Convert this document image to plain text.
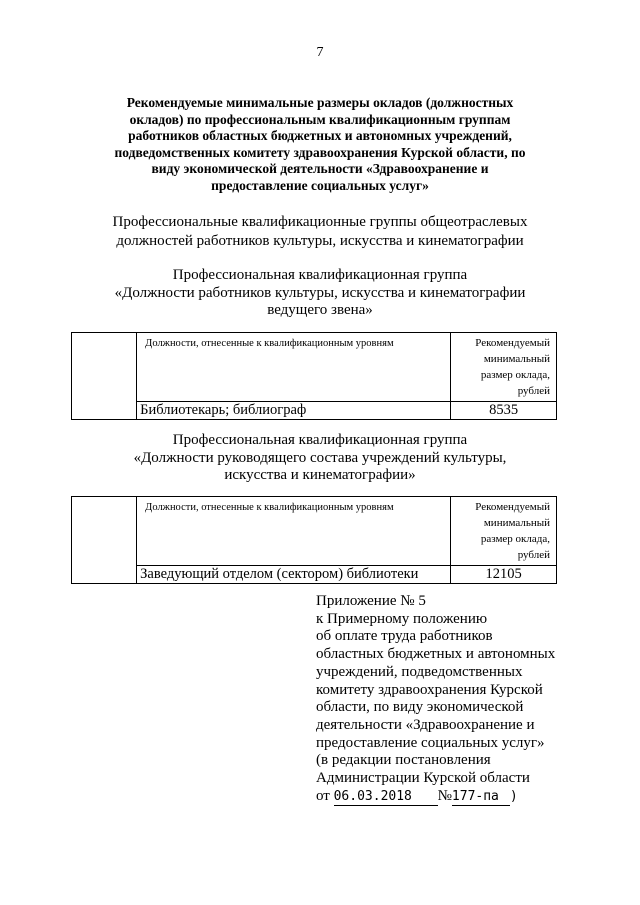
7
Рекомендуемые минимальные размеры окладов (должностных
окладов) по профессиональным квалификационным группам
работников областных бюджетных и автономных учреждений,
подведомственных комитету здравоохранения Курской области, по
виду экономической деятельности «Здравоохранение и
предоставление социальных услуг»
Профессиональные квалификационные группы общеотраслевых
должностей работников культуры, искусства и кинематографии
Профессиональная квалификационная группа
«Должности работников культуры, искусства и кинематографии
ведущего звена»
	Должности, отнесенные к квалификационным уровням	Рекомендуемый
минимальный
размер оклада,
рублей

	Библиотекарь; библиограф	8535
Профессиональная квалификационная группа
«Должности руководящего состава учреждений культуры,
искусства и кинематографии»
	Должности, отнесенные к квалификационным уровням	Рекомендуемый
минимальный
размер оклада,
рублей

	Заведующий отделом (сектором) библиотеки	12105
Приложение № 5
к Примерному положению
об оплате труда работников
областных бюджетных и автономных
учреждений, подведомственных
комитету здравоохранения Курской
области, по виду экономической
деятельности «Здравоохранение и
предоставление социальных услуг»
(в редакции постановления
Администрации Курской области
от 06.03.2018 №177-па )
